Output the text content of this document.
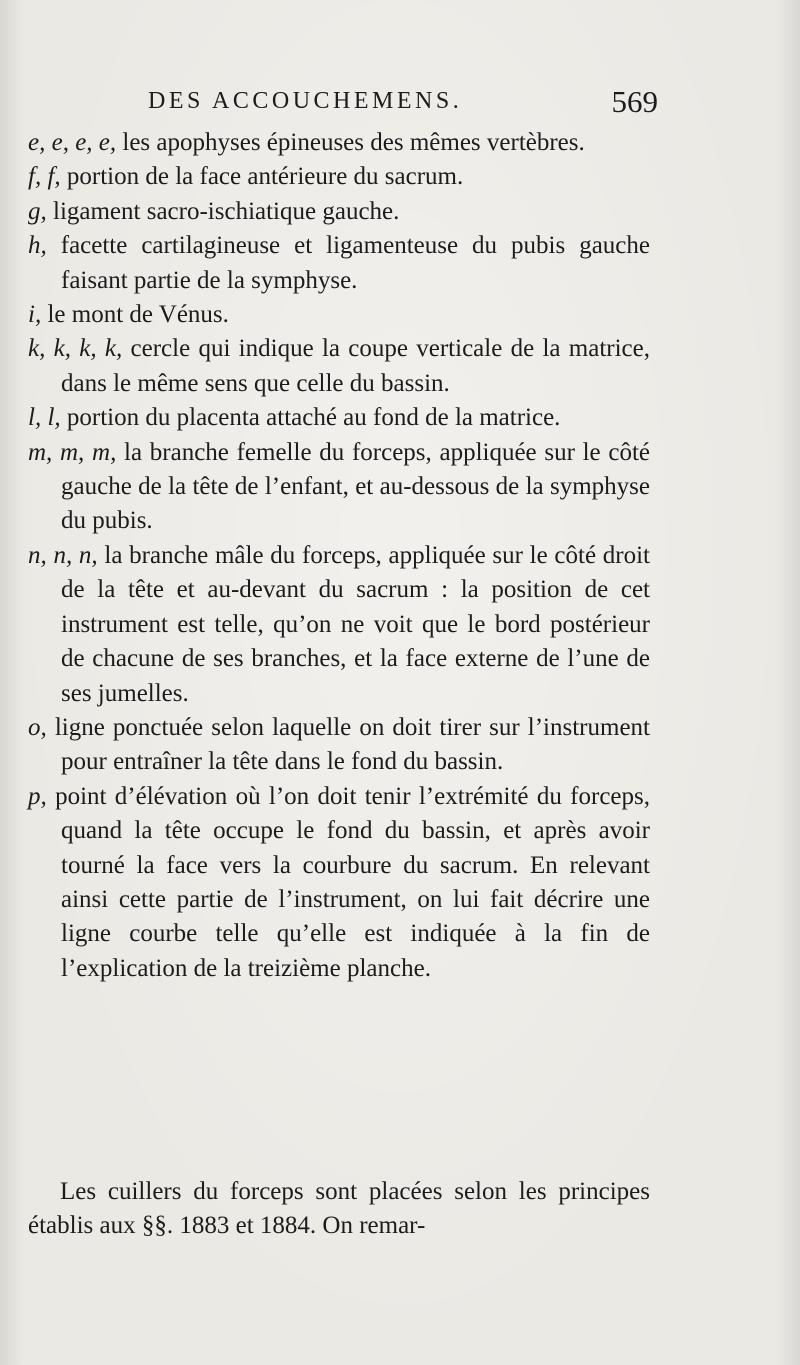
DES ACCOUCHEMENS.	569
e, e, e, e, les apophyses épineuses des mêmes vertèbres.
f, f, portion de la face antérieure du sacrum.
g, ligament sacro-ischiatique gauche.
h, facette cartilagineuse et ligamenteuse du pubis gauche faisant partie de la symphyse.
i, le mont de Vénus.
k, k, k, k, cercle qui indique la coupe verticale de la matrice, dans le même sens que celle du bassin.
l, l, portion du placenta attaché au fond de la matrice.
m, m, m, la branche femelle du forceps, appliquée sur le côté gauche de la tête de l’enfant, et au-dessous de la symphyse du pubis.
n, n, n, la branche mâle du forceps, appliquée sur le côté droit de la tête et au-devant du sacrum : la position de cet instrument est telle, qu’on ne voit que le bord postérieur de chacune de ses branches, et la face externe de l’une de ses jumelles.
o, ligne ponctuée selon laquelle on doit tirer sur l’instrument pour entraîner la tête dans le fond du bassin.
p, point d’élévation où l’on doit tenir l’extrémité du forceps, quand la tête occupe le fond du bassin, et après avoir tourné la face vers la courbure du sacrum. En relevant ainsi cette partie de l’instrument, on lui fait décrire une ligne courbe telle qu’elle est indiquée à la fin de l’explication de la treizième planche.

Les cuillers du forceps sont placées selon les principes établis aux §§. 1883 et 1884. On remar-
